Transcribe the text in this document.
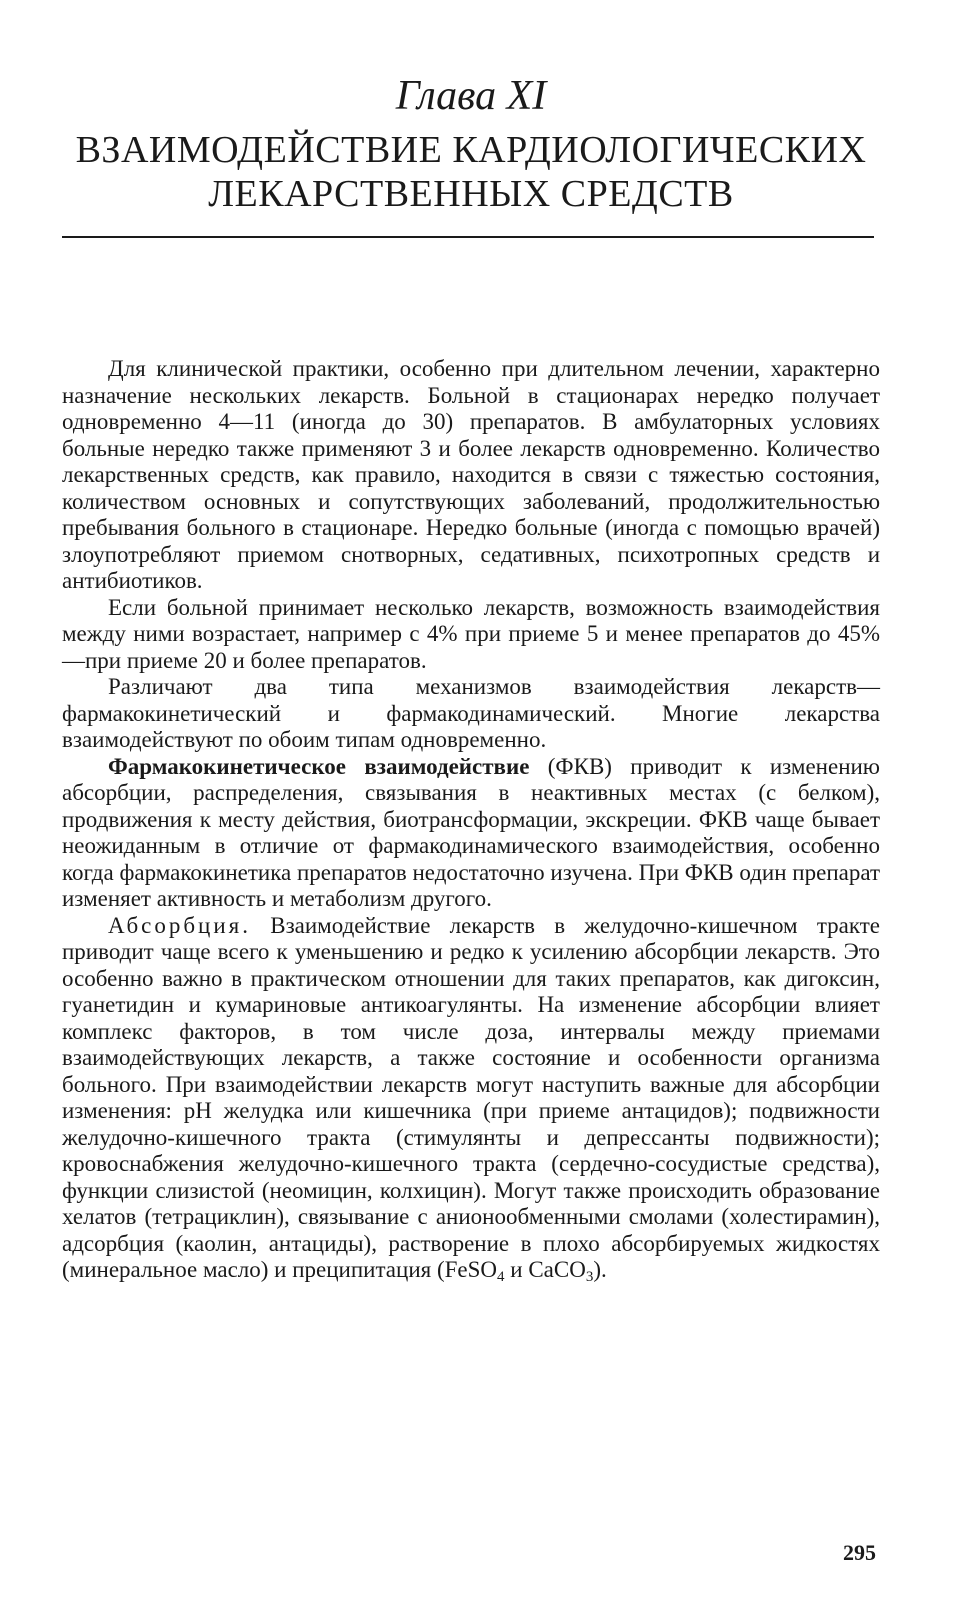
Глава XI
ВЗАИМОДЕЙСТВИЕ КАРДИОЛОГИЧЕСКИХ
ЛЕКАРСТВЕННЫХ СРЕДСТВ

Для клинической практики, особенно при длительном лечении, характерно назначение нескольких лекарств. Больной в стационарах нередко получает одновременно 4—11 (иногда до 30) препаратов. В амбулаторных условиях больные нередко также применяют 3 и более лекарств одновременно. Количество лекарственных средств, как правило, находится в связи с тяжестью состояния, количеством основных и сопутствующих заболеваний, продолжительностью пребывания больного в стационаре. Нередко больные (иногда с помощью врачей) злоупотребляют приемом снотворных, седативных, психотропных средств и антибиотиков.

Если больной принимает несколько лекарств, возможность взаимодействия между ними возрастает, например с 4% при приеме 5 и менее препаратов до 45%—при приеме 20 и более препаратов.

Различают два типа механизмов взаимодействия лекарств—фармакокинетический и фармакодинамический. Многие лекарства взаимодействуют по обоим типам одновременно.

Фармакокинетическое взаимодействие (ФКВ) приводит к изменению абсорбции, распределения, связывания в неактивных местах (с белком), продвижения к месту действия, биотрансформации, экскреции. ФКВ чаще бывает неожиданным в отличие от фармакодинамического взаимодействия, особенно когда фармакокинетика препаратов недостаточно изучена. При ФКВ один препарат изменяет активность и метаболизм другого.

Абсорбция. Взаимодействие лекарств в желудочно-кишечном тракте приводит чаще всего к уменьшению и редко к усилению абсорбции лекарств. Это особенно важно в практическом отношении для таких препаратов, как дигоксин, гуанетидин и кумариновые антикоагулянты. На изменение абсорбции влияет комплекс факторов, в том числе доза, интервалы между приемами взаимодействующих лекарств, а также состояние и особенности организма больного. При взаимодействии лекарств могут наступить важные для абсорбции изменения: pH желудка или кишечника (при приеме антацидов); подвижности желудочно-кишечного тракта (стимулянты и депрессанты подвижности); кровоснабжения желудочно-кишечного тракта (сердечно-сосудистые средства), функции слизистой (неомицин, колхицин). Могут также происходить образование хелатов (тетрациклин), связывание с анионообменными смолами (холестирамин), адсорбция (каолин, антациды), растворение в плохо абсорбируемых жидкостях (минеральное масло) и преципитация (FeSO$_4$ и CaCO$_3$).

295
